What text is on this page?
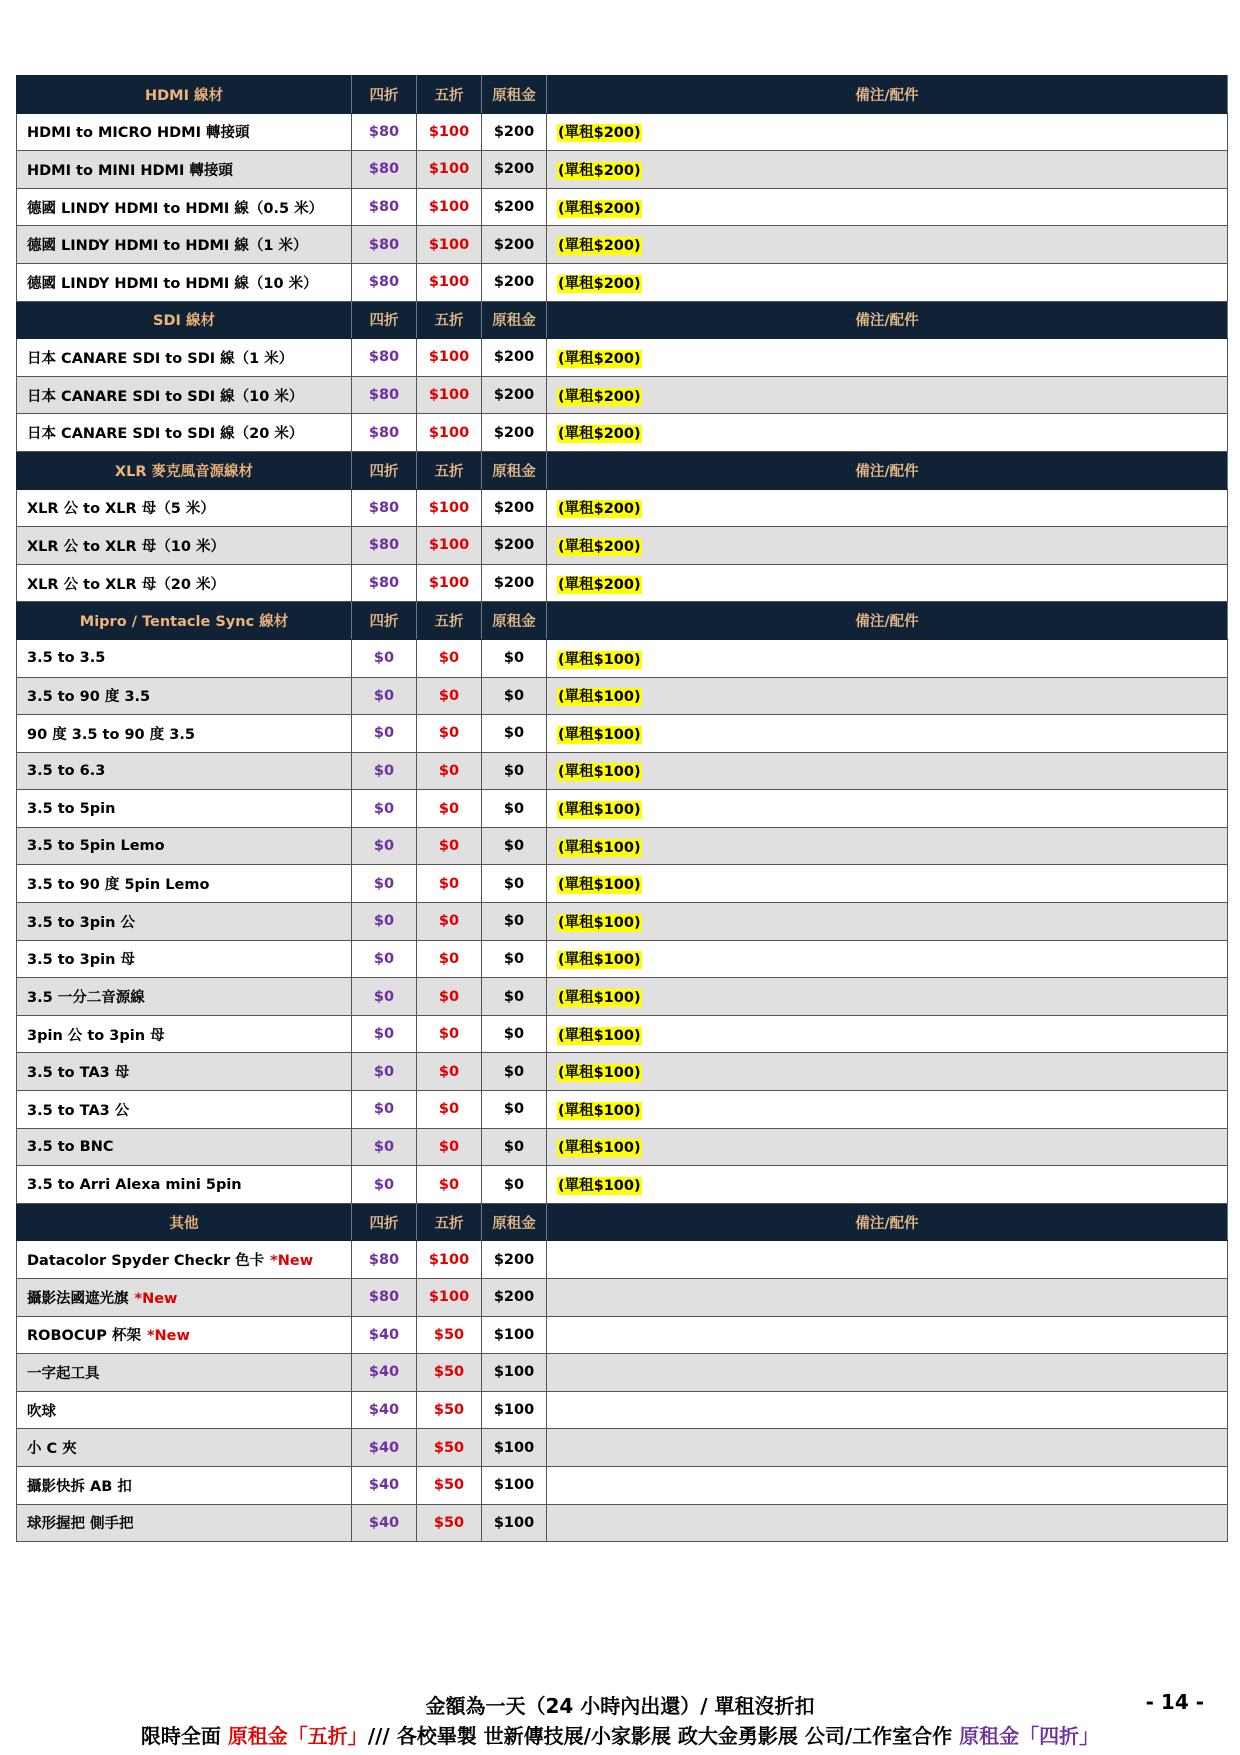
HDMI 線材	四折	五折	原租金	備注/配件
HDMI to MICRO HDMI 轉接頭	$80	$100	$200	(單租$200)
HDMI to MINI HDMI 轉接頭	$80	$100	$200	(單租$200)
德國 LINDY HDMI to HDMI 線（0.5 米）	$80	$100	$200	(單租$200)
德國 LINDY HDMI to HDMI 線（1 米）	$80	$100	$200	(單租$200)
德國 LINDY HDMI to HDMI 線（10 米）	$80	$100	$200	(單租$200)
SDI 線材	四折	五折	原租金	備注/配件
日本 CANARE SDI to SDI 線（1 米）	$80	$100	$200	(單租$200)
日本 CANARE SDI to SDI 線（10 米）	$80	$100	$200	(單租$200)
日本 CANARE SDI to SDI 線（20 米）	$80	$100	$200	(單租$200)
XLR 麥克風音源線材	四折	五折	原租金	備注/配件
XLR 公 to XLR 母（5 米）	$80	$100	$200	(單租$200)
XLR 公 to XLR 母（10 米）	$80	$100	$200	(單租$200)
XLR 公 to XLR 母（20 米）	$80	$100	$200	(單租$200)
Mipro / Tentacle Sync 線材	四折	五折	原租金	備注/配件
3.5 to 3.5	$0	$0	$0	(單租$100)
3.5 to 90 度 3.5	$0	$0	$0	(單租$100)
90 度 3.5 to 90 度 3.5	$0	$0	$0	(單租$100)
3.5 to 6.3	$0	$0	$0	(單租$100)
3.5 to 5pin	$0	$0	$0	(單租$100)
3.5 to 5pin Lemo	$0	$0	$0	(單租$100)
3.5 to 90 度 5pin Lemo	$0	$0	$0	(單租$100)
3.5 to 3pin 公	$0	$0	$0	(單租$100)
3.5 to 3pin 母	$0	$0	$0	(單租$100)
3.5 一分二音源線	$0	$0	$0	(單租$100)
3pin 公 to 3pin 母	$0	$0	$0	(單租$100)
3.5 to TA3 母	$0	$0	$0	(單租$100)
3.5 to TA3 公	$0	$0	$0	(單租$100)
3.5 to BNC	$0	$0	$0	(單租$100)
3.5 to Arri Alexa mini 5pin	$0	$0	$0	(單租$100)
其他	四折	五折	原租金	備注/配件
Datacolor Spyder Checkr 色卡 *New	$80	$100	$200	
攝影法國遮光旗 *New	$80	$100	$200	
ROBOCUP 杯架 *New	$40	$50	$100	
一字起工具	$40	$50	$100	
吹球	$40	$50	$100	
小 C 夾	$40	$50	$100	
攝影快拆 AB 扣	$40	$50	$100	
球形握把 側手把	$40	$50	$100	
金額為一天（24 小時內出還）/ 單租沒折扣	- 14 -
限時全面 原租金「五折」/// 各校畢製 世新傳技展/小家影展 政大金勇影展 公司/工作室合作 原租金「四折」
